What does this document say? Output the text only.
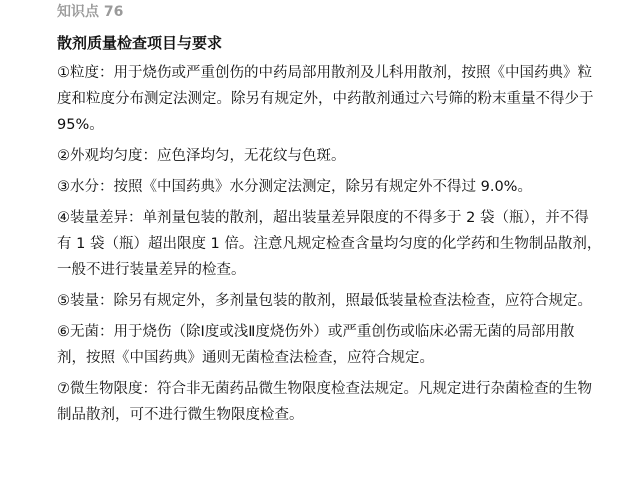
知识点 76
散剂质量检查项目与要求

①粒度：用于烧伤或严重创伤的中药局部用散剂及儿科用散剂，按照《中国药典》粒度和粒度分布测定法测定。除另有规定外，中药散剂通过六号筛的粉末重量不得少于 95%。

②外观均匀度：应色泽均匀，无花纹与色斑。

③水分：按照《中国药典》水分测定法测定，除另有规定外不得过 9.0%。

④装量差异：单剂量包装的散剂，超出装量差异限度的不得多于 2 袋（瓶），并不得有 1 袋（瓶）超出限度 1 倍。注意凡规定检查含量均匀度的化学药和生物制品散剂，一般不进行装量差异的检查。

⑤装量：除另有规定外，多剂量包装的散剂，照最低装量检查法检查，应符合规定。

⑥无菌：用于烧伤（除Ⅰ度或浅Ⅱ度烧伤外）或严重创伤或临床必需无菌的局部用散剂，按照《中国药典》通则无菌检查法检查，应符合规定。

⑦微生物限度：符合非无菌药品微生物限度检查法规定。凡规定进行杂菌检查的生物制品散剂，可不进行微生物限度检查。
